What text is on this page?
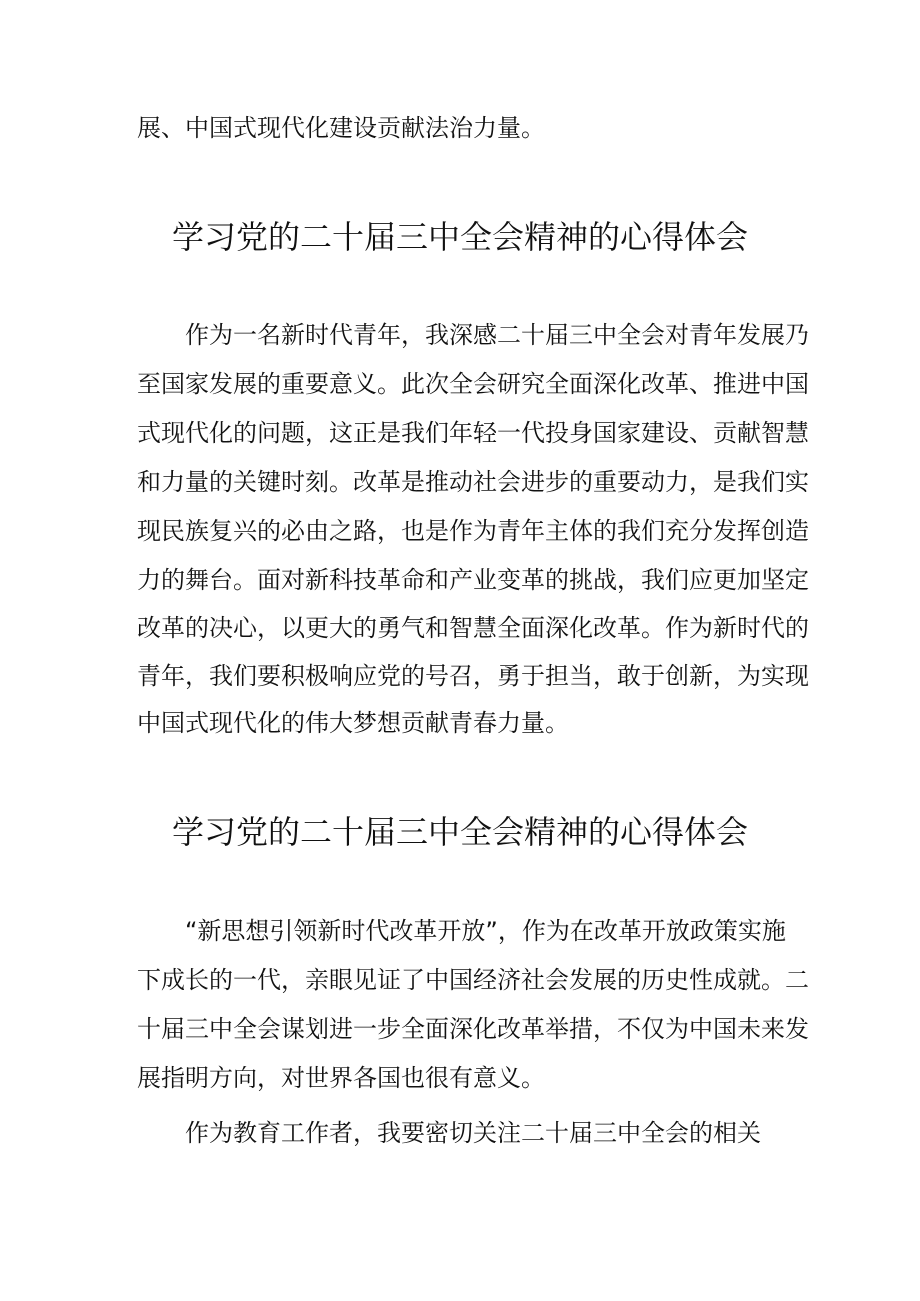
展、中国式现代化建设贡献法治力量。
学习党的二十届三中全会精神的心得体会
作为一名新时代青年，我深感二十届三中全会对青年发展乃
至国家发展的重要意义。此次全会研究全面深化改革、推进中国
式现代化的问题，这正是我们年轻一代投身国家建设、贡献智慧
和力量的关键时刻。改革是推动社会进步的重要动力，是我们实
现民族复兴的必由之路，也是作为青年主体的我们充分发挥创造
力的舞台。面对新科技革命和产业变革的挑战，我们应更加坚定
改革的决心，以更大的勇气和智慧全面深化改革。作为新时代的
青年，我们要积极响应党的号召，勇于担当，敢于创新，为实现
中国式现代化的伟大梦想贡献青春力量。
学习党的二十届三中全会精神的心得体会
“新思想引领新时代改革开放”，作为在改革开放政策实施
下成长的一代，亲眼见证了中国经济社会发展的历史性成就。二
十届三中全会谋划进一步全面深化改革举措，不仅为中国未来发
展指明方向，对世界各国也很有意义。
作为教育工作者，我要密切关注二十届三中全会的相关
